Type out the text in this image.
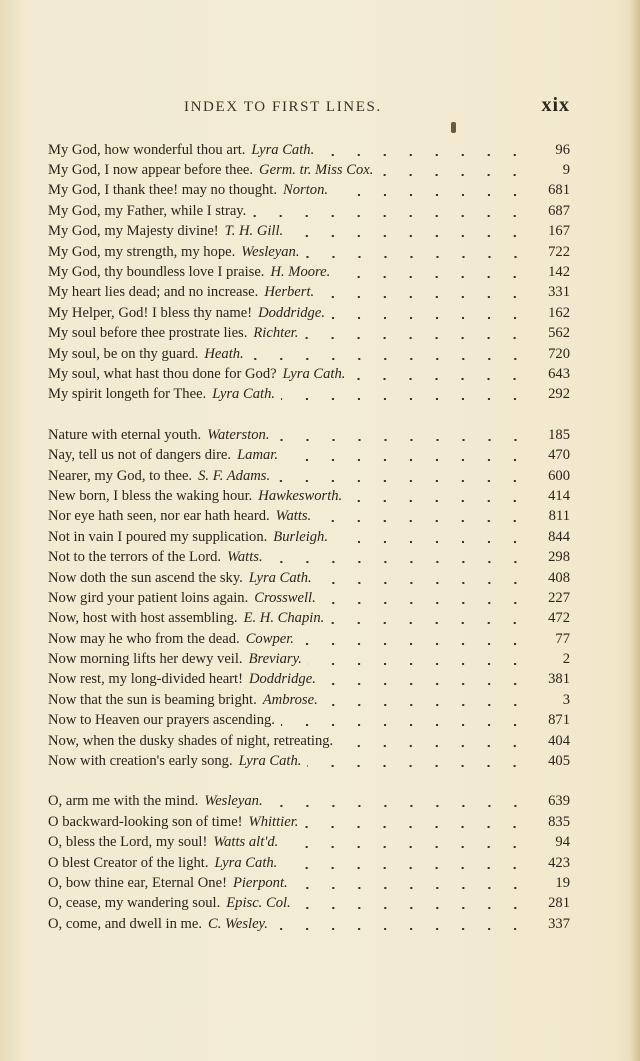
INDEX TO FIRST LINES.	xix
My God, how wonderful thou art. Lyra Cath.	96
My God, I now appear before thee. Germ. tr. Miss Cox.	9
My God, I thank thee! may no thought. Norton.	681
My God, my Father, while I stray.	687
My God, my Majesty divine! T. H. Gill.	167
My God, my strength, my hope. Wesleyan.	722
My God, thy boundless love I praise. H. Moore.	142
My heart lies dead; and no increase. Herbert.	331
My Helper, God! I bless thy name! Doddridge.	162
My soul before thee prostrate lies. Richter.	562
My soul, be on thy guard. Heath.	720
My soul, what hast thou done for God? Lyra Cath.	643
My spirit longeth for Thee. Lyra Cath.	292
Nature with eternal youth. Waterston.	185
Nay, tell us not of dangers dire. Lamar.	470
Nearer, my God, to thee. S. F. Adams.	600
New born, I bless the waking hour. Hawkesworth.	414
Nor eye hath seen, nor ear hath heard. Watts.	811
Not in vain I poured my supplication. Burleigh.	844
Not to the terrors of the Lord. Watts.	298
Now doth the sun ascend the sky. Lyra Cath.	408
Now gird your patient loins again. Crosswell.	227
Now, host with host assembling. E. H. Chapin.	472
Now may he who from the dead. Cowper.	77
Now morning lifts her dewy veil. Breviary.	2
Now rest, my long-divided heart! Doddridge.	381
Now that the sun is beaming bright. Ambrose.	3
Now to Heaven our prayers ascending.	871
Now, when the dusky shades of night, retreating.	404
Now with creation's early song. Lyra Cath.	405
O, arm me with the mind. Wesleyan.	639
O backward-looking son of time! Whittier.	835
O, bless the Lord, my soul! Watts alt'd.	94
O blest Creator of the light. Lyra Cath.	423
O, bow thine ear, Eternal One! Pierpont.	19
O, cease, my wandering soul. Episc. Col.	281
O, come, and dwell in me. C. Wesley.	337
